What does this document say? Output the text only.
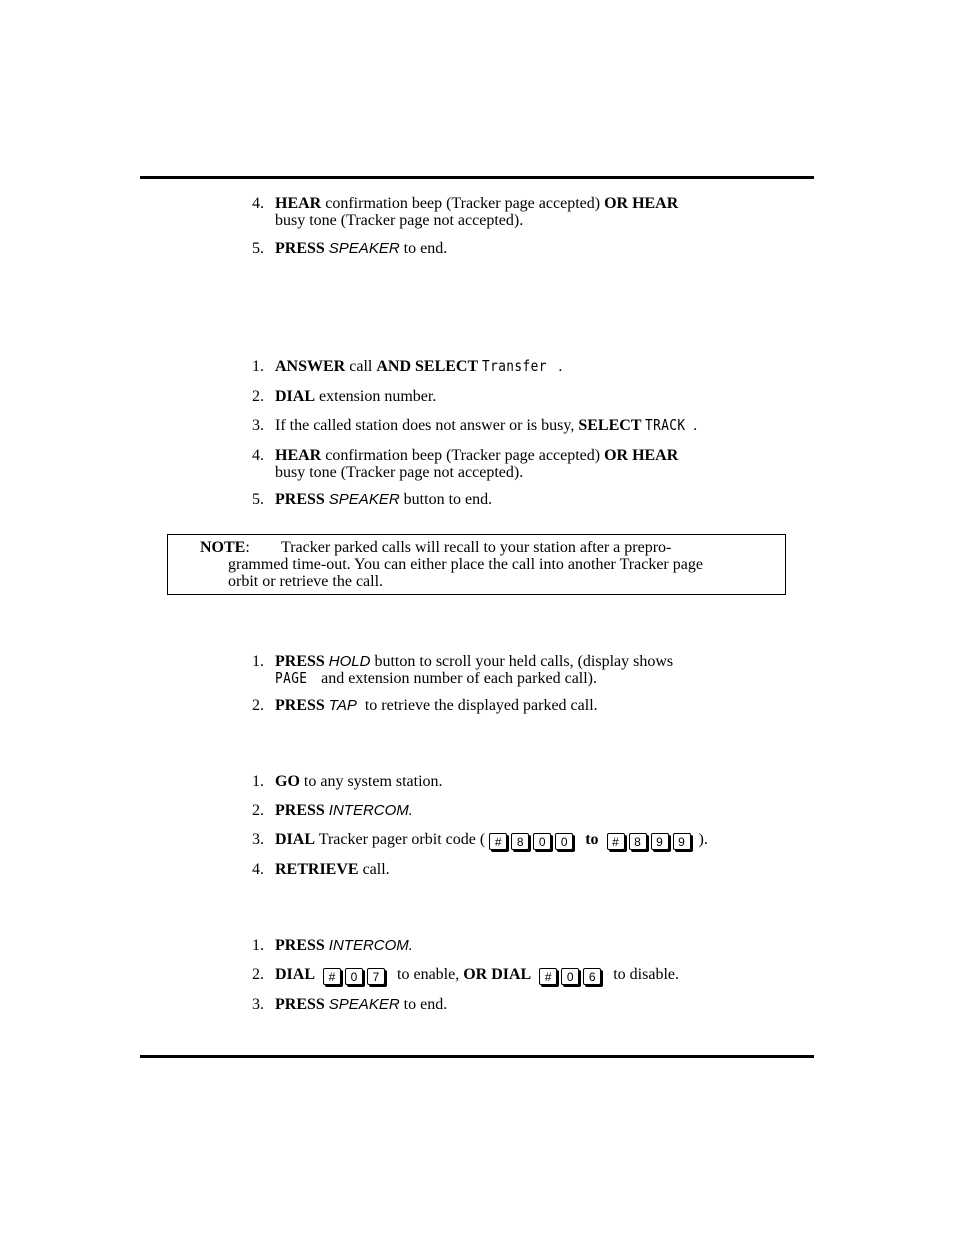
4. HEAR confirmation beep (Tracker page accepted) OR HEAR
busy tone (Tracker page not accepted).
5. PRESS SPEAKER to end.
1. ANSWER call AND SELECT Transfer .
2. DIAL extension number.
3. If the called station does not answer or is busy, SELECT TRACK .
4. HEAR confirmation beep (Tracker page accepted) OR HEAR
busy tone (Tracker page not accepted).
5. PRESS SPEAKER button to end.
NOTE: Tracker parked calls will recall to your station after a prepro-
grammed time-out. You can either place the call into another Tracker page
orbit or retrieve the call.
1. PRESS HOLD button to scroll your held calls, (display shows
PAGE  and extension number of each parked call).
2. PRESS TAP  to retrieve the displayed parked call.
1. GO to any system station.
2. PRESS INTERCOM.
3. DIAL Tracker pager orbit code ( # 8 0 0 to # 8 9 9 ).
4. RETRIEVE call.
1. PRESS INTERCOM.
2. DIAL # 0 7  to enable, OR DIAL # 0 6  to disable.
3. PRESS SPEAKER to end.
